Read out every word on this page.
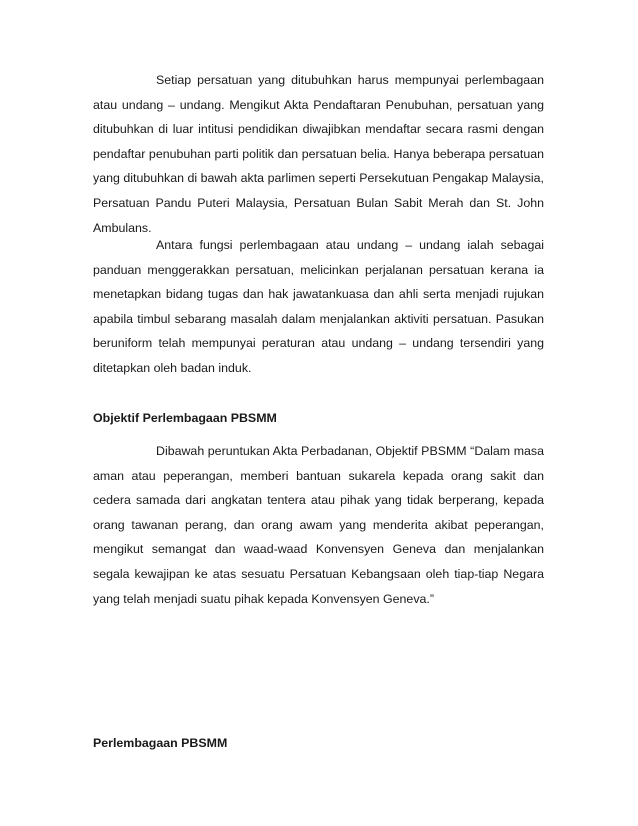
Setiap persatuan yang ditubuhkan harus mempunyai perlembagaan atau undang – undang. Mengikut Akta Pendaftaran Penubuhan, persatuan yang ditubuhkan di luar intitusi pendidikan diwajibkan mendaftar secara rasmi dengan pendaftar penubuhan parti politik dan persatuan belia. Hanya beberapa persatuan yang ditubuhkan di bawah akta parlimen seperti Persekutuan Pengakap Malaysia, Persatuan Pandu Puteri Malaysia, Persatuan Bulan Sabit Merah dan St. John Ambulans.

Antara fungsi perlembagaan atau undang – undang ialah sebagai panduan menggerakkan persatuan, melicinkan perjalanan persatuan kerana ia menetapkan bidang tugas dan hak jawatankuasa dan ahli serta menjadi rujukan apabila timbul sebarang masalah dalam menjalankan aktiviti persatuan. Pasukan beruniform telah mempunyai peraturan atau undang – undang tersendiri yang ditetapkan oleh badan induk.

Objektif Perlembagaan PBSMM

Dibawah peruntukan Akta Perbadanan, Objektif PBSMM “Dalam masa aman atau peperangan, memberi bantuan sukarela kepada orang sakit dan cedera samada dari angkatan tentera atau pihak yang tidak berperang, kepada orang tawanan perang, dan orang awam yang menderita akibat peperangan, mengikut semangat dan waad-waad Konvensyen Geneva dan menjalankan segala kewajipan ke atas sesuatu Persatuan Kebangsaan oleh tiap-tiap Negara yang telah menjadi suatu pihak kepada Konvensyen Geneva.”

Perlembagaan PBSMM
